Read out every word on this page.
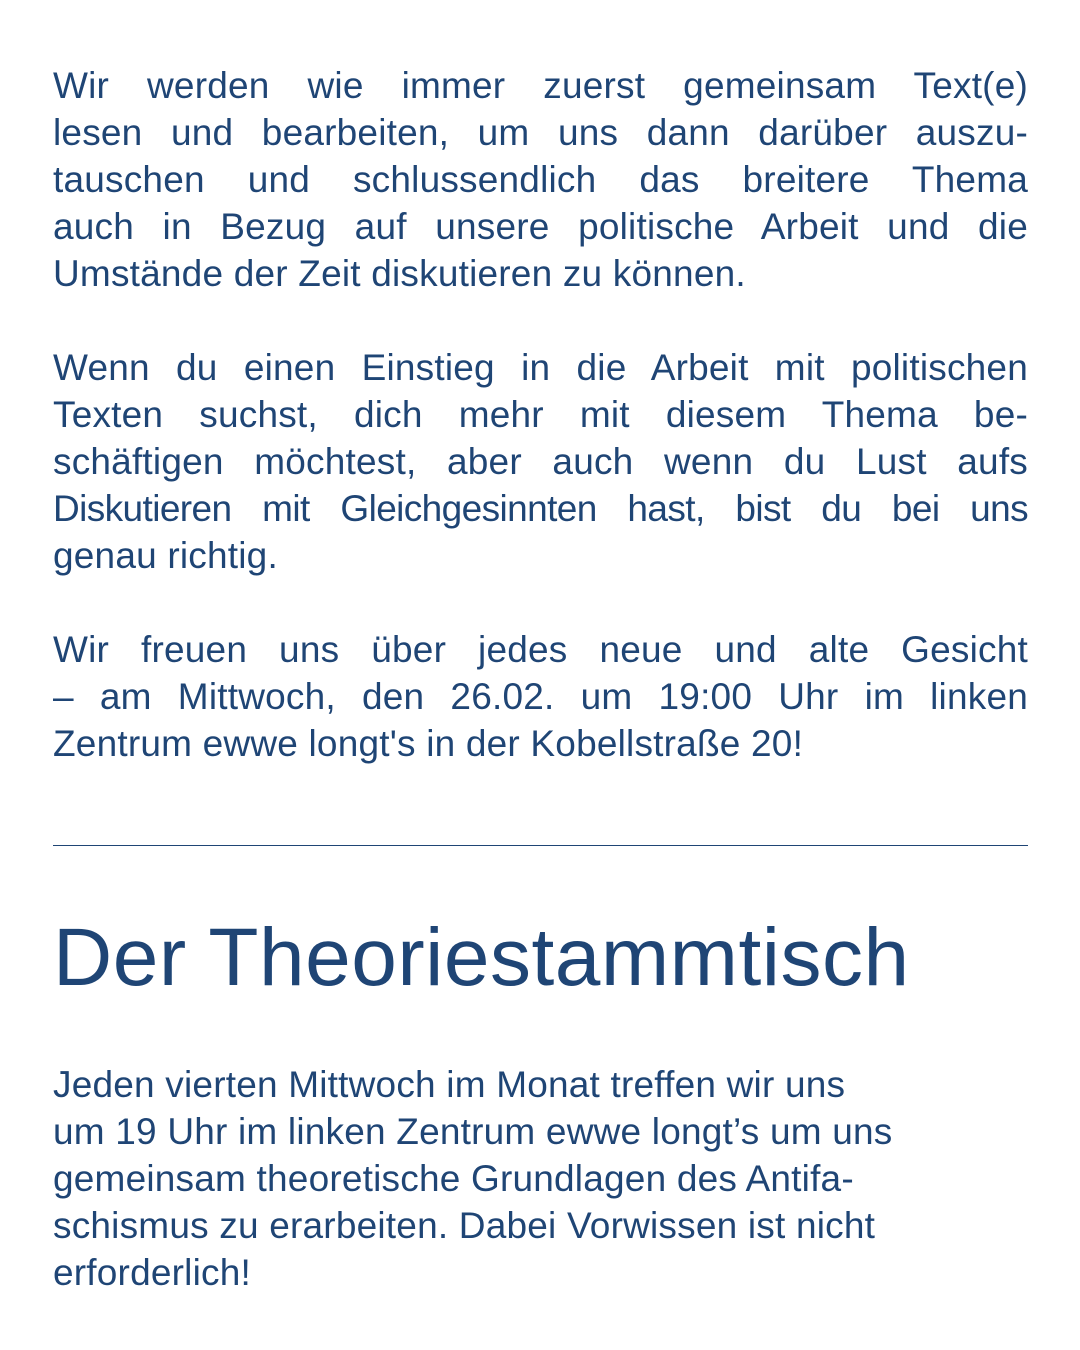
Wir werden wie immer zuerst gemeinsam Text(e)
lesen und bearbeiten, um uns dann darüber auszu-
tauschen und schlussendlich das breitere Thema
auch in Bezug auf unsere politische Arbeit und die
Umstände der Zeit diskutieren zu können.
Wenn du einen Einstieg in die Arbeit mit politischen
Texten suchst, dich mehr mit diesem Thema be-
schäftigen möchtest, aber auch wenn du Lust aufs
Diskutieren mit Gleichgesinnten hast, bist du bei uns
genau richtig.
Wir freuen uns über jedes neue und alte Gesicht
– am Mittwoch, den 26.02. um 19:00 Uhr im linken
Zentrum ewwe longt's in der Kobellstraße 20!
Der Theoriestammtisch
Jeden vierten Mittwoch im Monat treffen wir uns
um 19 Uhr im linken Zentrum ewwe longt’s um uns
gemeinsam theoretische Grundlagen des Antifa-
schismus zu erarbeiten. Dabei Vorwissen ist nicht
erforderlich!
